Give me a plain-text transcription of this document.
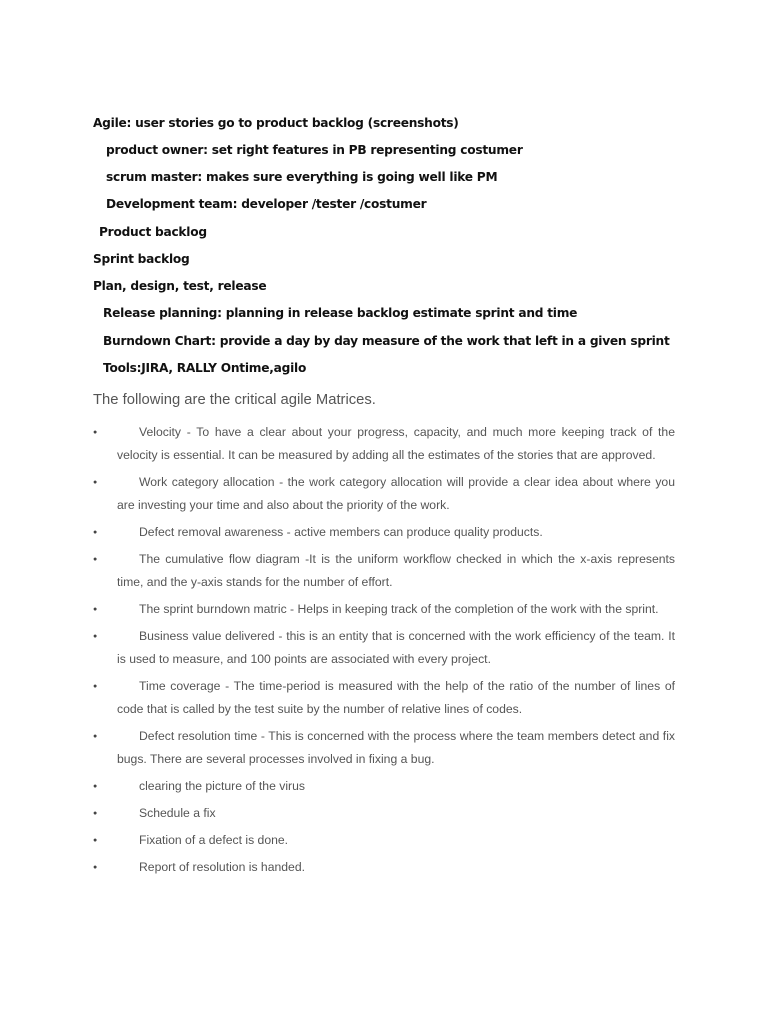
Agile: user stories go to product backlog (screenshots)
product owner: set right features in PB representing costumer
scrum master: makes sure everything is going well like PM
Development team: developer /tester /costumer
Product backlog
Sprint backlog
Plan, design, test, release
Release planning: planning in release backlog estimate sprint and time
Burndown Chart: provide a day by day measure of the work that left in a given sprint
Tools:JIRA, RALLY Ontime,agilo
The following are the critical agile Matrices.
●	Velocity - To have a clear about your progress, capacity, and much more keeping track of the velocity is essential. It can be measured by adding all the estimates of the stories that are approved.
●	Work category allocation - the work category allocation will provide a clear idea about where you are investing your time and also about the priority of the work.
●	Defect removal awareness - active members can produce quality products.
●	The cumulative flow diagram -It is the uniform workflow checked in which the x-axis represents time, and the y-axis stands for the number of effort.
●	The sprint burndown matric - Helps in keeping track of the completion of the work with the sprint.
●	Business value delivered - this is an entity that is concerned with the work efficiency of the team. It is used to measure, and 100 points are associated with every project.
●	Time coverage - The time-period is measured with the help of the ratio of the number of lines of code that is called by the test suite by the number of relative lines of codes.
●	Defect resolution time - This is concerned with the process where the team members detect and fix bugs. There are several processes involved in fixing a bug.
●	clearing the picture of the virus
●	Schedule a fix
●	Fixation of a defect is done.
●	Report of resolution is handed.
